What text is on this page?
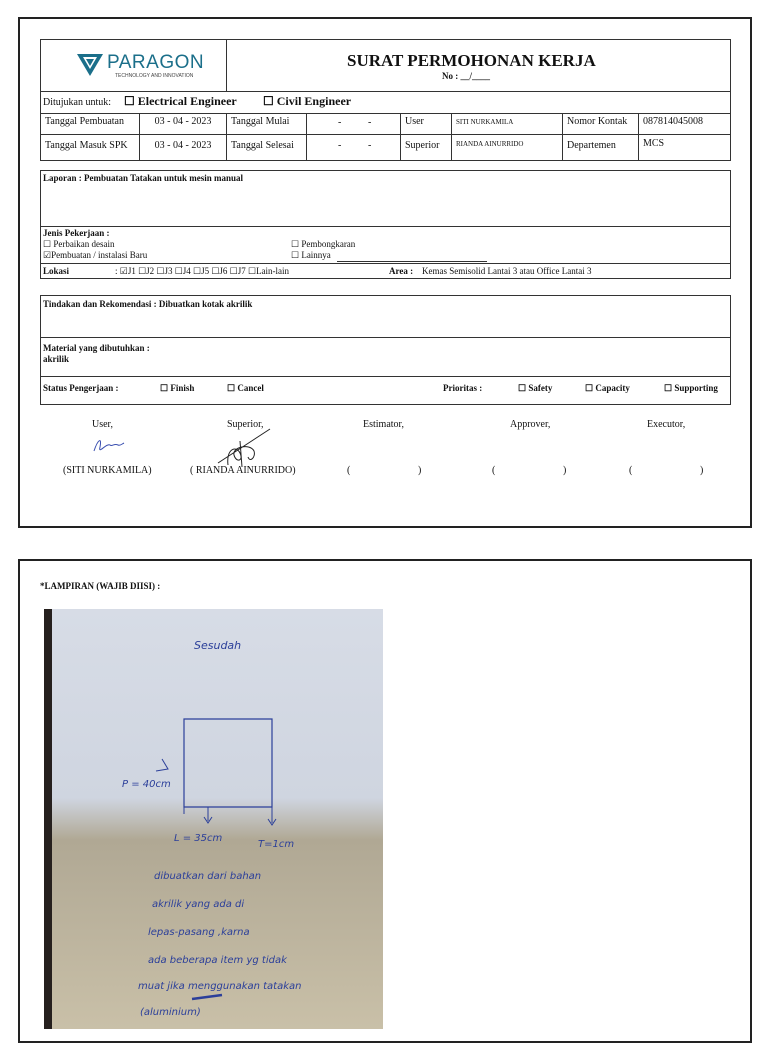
PARAGON
TECHNOLOGY AND INNOVATION
SURAT PERMOHONAN KERJA
No : __/____
Ditujukan untuk: ☐ Electrical Engineer ☐ Civil Engineer
Tanggal Pembuatan	03 - 04 - 2023	Tanggal Mulai	-	-	User	SITI NURKAMILA	Nomor Kontak	087814045008
Tanggal Masuk SPK	03 - 04 - 2023	Tanggal Selesai	-	-	Superior	RIANDA AINURRIDO	Departemen	MCS
Laporan : Pembuatan Tatakan untuk mesin manual
Jenis Pekerjaan :
☐ Perbaikan desain
☑Pembuatan / instalasi Baru
☐ Pembongkaran
☐ Lainnya
Lokasi	: ☑J1 ☐J2 ☐J3 ☐J4 ☐J5 ☐J6 ☐J7 ☐Lain-lain	Area : Kemas Semisolid Lantai 3 atau Office Lantai 3
Tindakan dan Rekomendasi : Dibuatkan kotak akrilik
Material yang dibutuhkan :
akrilik
Status Pengerjaan :	☐ Finish	☐ Cancel	Prioritas :	☐ Safety	☐ Capacity	☐ Supporting
User,	Superior,	Estimator,	Approver,	Executor,
(SITI NURKAMILA)	( RIANDA AINURRIDO)	(	)	(	)	(	)
*LAMPIRAN (WAJIB DIISI) :
Sesudah
P = 40cm
L = 35cm
T=1cm
dibuatkan dari bahan
akrilik yang ada di
lepas-pasang ,karna
ada beberapa item yg tidak
muat jika menggunakan tatakan
(aluminium)
